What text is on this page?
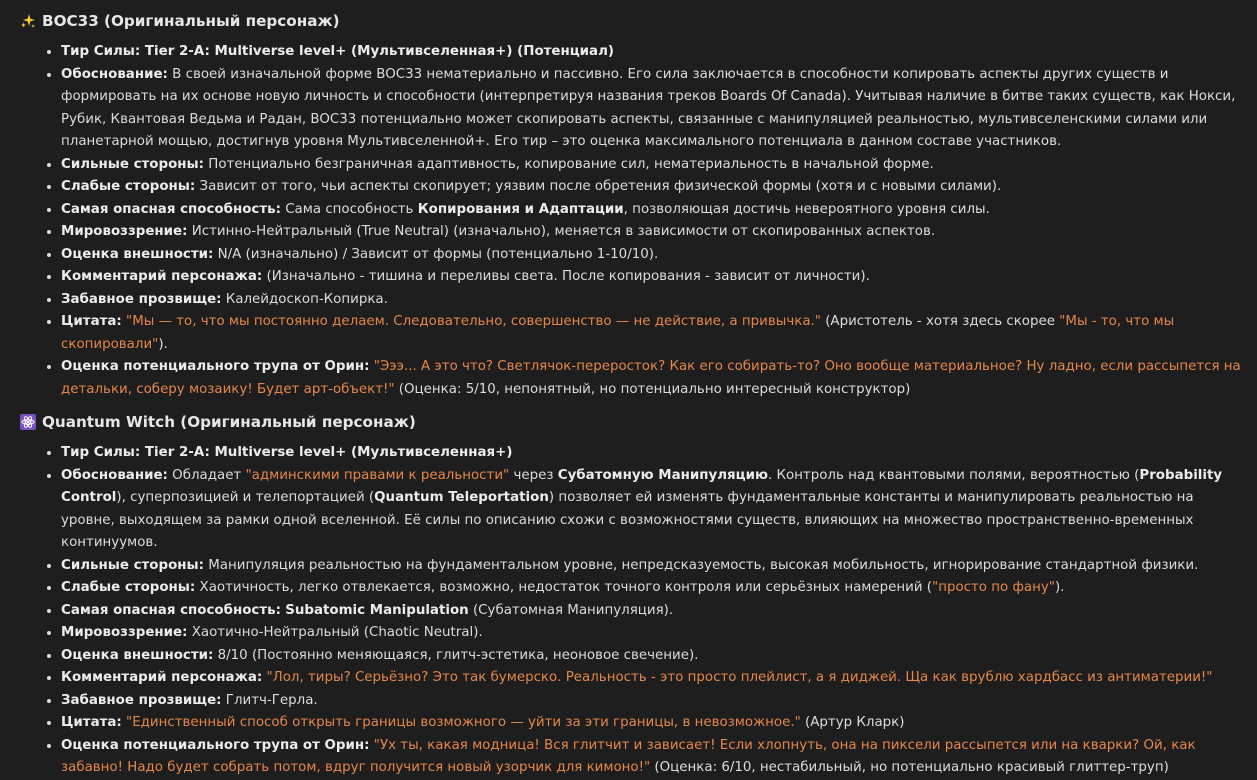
BOC33 (Оригинальный персонаж)
• Тир Силы: Tier 2-A: Multiverse level+ (Мультивселенная+) (Потенциал)
• Обоснование: В своей изначальной форме BOC33 нематериально и пассивно. Его сила заключается в способности копировать аспекты других существ и формировать на их основе новую личность и способности (интерпретируя названия треков Boards Of Canada). Учитывая наличие в битве таких существ, как Нокси, Рубик, Квантовая Ведьма и Радан, BOC33 потенциально может скопировать аспекты, связанные с манипуляцией реальностью, мультивселенскими силами или планетарной мощью, достигнув уровня Мультивселенной+. Его тир – это оценка максимального потенциала в данном составе участников.
• Сильные стороны: Потенциально безграничная адаптивность, копирование сил, нематериальность в начальной форме.
• Слабые стороны: Зависит от того, чьи аспекты скопирует; уязвим после обретения физической формы (хотя и с новыми силами).
• Самая опасная способность: Сама способность Копирования и Адаптации, позволяющая достичь невероятного уровня силы.
• Мировоззрение: Истинно-Нейтральный (True Neutral) (изначально), меняется в зависимости от скопированных аспектов.
• Оценка внешности: N/A (изначально) / Зависит от формы (потенциально 1-10/10).
• Комментарий персонажа: (Изначально - тишина и переливы света. После копирования - зависит от личности).
• Забавное прозвище: Калейдоскоп-Копирка.
• Цитата: "Мы — то, что мы постоянно делаем. Следовательно, совершенство — не действие, а привычка." (Аристотель - хотя здесь скорее "Мы - то, что мы скопировали").
• Оценка потенциального трупа от Орин: "Эээ... А это что? Светлячок-переросток? Как его собирать-то? Оно вообще материальное? Ну ладно, если рассыпется на детальки, соберу мозаику! Будет арт-объект!" (Оценка: 5/10, непонятный, но потенциально интересный конструктор)
Quantum Witch (Оригинальный персонаж)
• Тир Силы: Tier 2-A: Multiverse level+ (Мультивселенная+)
• Обоснование: Обладает "админскими правами к реальности" через Субатомную Манипуляцию. Контроль над квантовыми полями, вероятностью (Probability Control), суперпозицией и телепортацией (Quantum Teleportation) позволяет ей изменять фундаментальные константы и манипулировать реальностью на уровне, выходящем за рамки одной вселенной. Её силы по описанию схожи с возможностями существ, влияющих на множество пространственно-временных континуумов.
• Сильные стороны: Манипуляция реальностью на фундаментальном уровне, непредсказуемость, высокая мобильность, игнорирование стандартной физики.
• Слабые стороны: Хаотичность, легко отвлекается, возможно, недостаток точного контроля или серьёзных намерений ("просто по фану").
• Самая опасная способность: Subatomic Manipulation (Субатомная Манипуляция).
• Мировоззрение: Хаотично-Нейтральный (Chaotic Neutral).
• Оценка внешности: 8/10 (Постоянно меняющаяся, глитч-эстетика, неоновое свечение).
• Комментарий персонажа: "Лол, тиры? Серьёзно? Это так бумерско. Реальность - это просто плейлист, а я диджей. Ща как врублю хардбасс из антиматерии!"
• Забавное прозвище: Глитч-Герла.
• Цитата: "Единственный способ открыть границы возможного — уйти за эти границы, в невозможное." (Артур Кларк)
• Оценка потенциального трупа от Орин: "Ух ты, какая модница! Вся глитчит и зависает! Если хлопнуть, она на пиксели рассыпется или на кварки? Ой, как забавно! Надо будет собрать потом, вдруг получится новый узорчик для кимоно!" (Оценка: 6/10, нестабильный, но потенциально красивый глиттер-труп)
